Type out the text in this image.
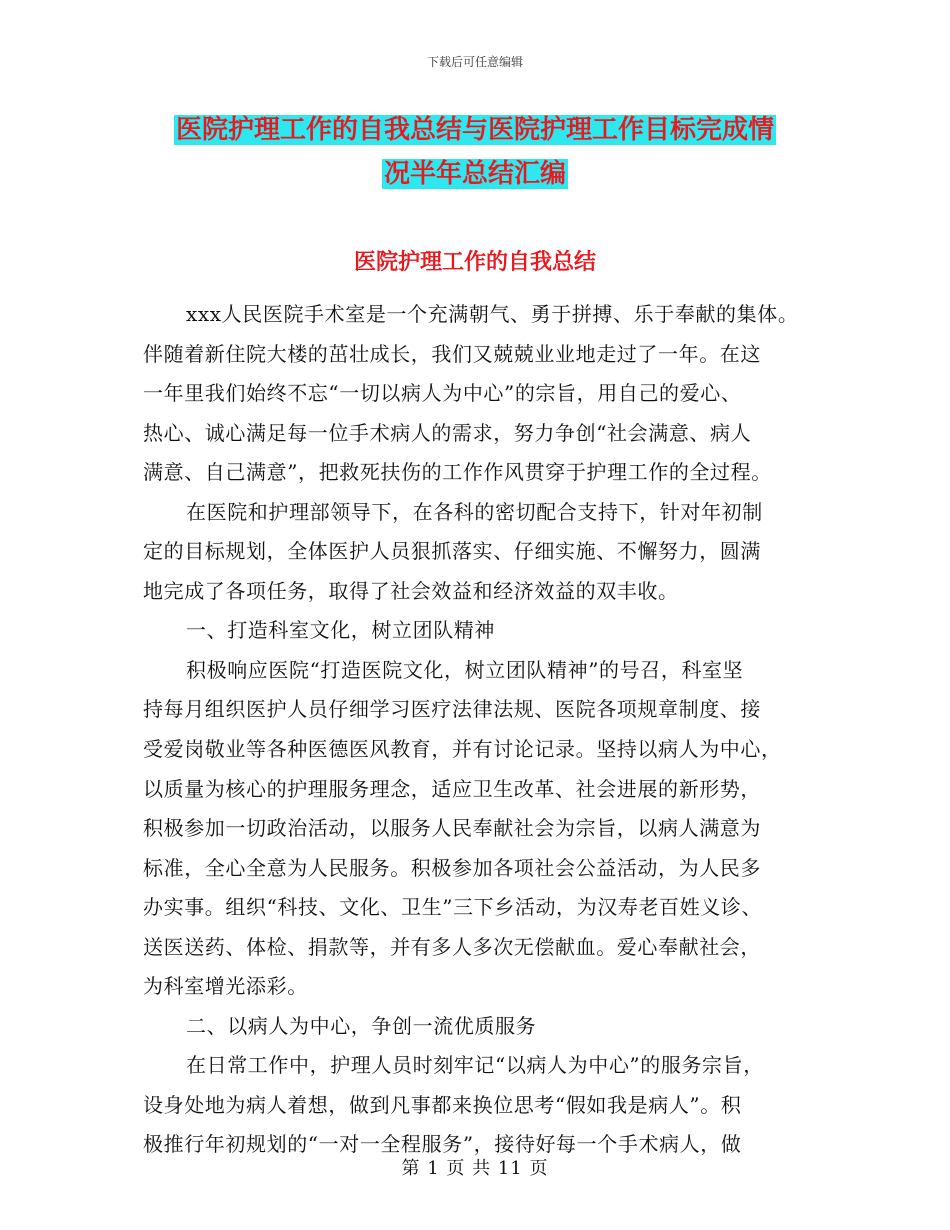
下载后可任意编辑
医院护理工作的自我总结与医院护理工作目标完成情
况半年总结汇编
医院护理工作的自我总结
xxx人民医院手术室是一个充满朝气、勇于拼搏、乐于奉献的集体。
伴随着新住院大楼的茁壮成长，我们又兢兢业业地走过了一年。在这
一年里我们始终不忘“一切以病人为中心”的宗旨，用自己的爱心、
热心、诚心满足每一位手术病人的需求，努力争创“社会满意、病人
满意、自己满意”，把救死扶伤的工作作风贯穿于护理工作的全过程。
在医院和护理部领导下，在各科的密切配合支持下，针对年初制
定的目标规划，全体医护人员狠抓落实、仔细实施、不懈努力，圆满
地完成了各项任务，取得了社会效益和经济效益的双丰收。
一、打造科室文化，树立团队精神
积极响应医院“打造医院文化，树立团队精神”的号召，科室坚
持每月组织医护人员仔细学习医疗法律法规、医院各项规章制度、接
受爱岗敬业等各种医德医风教育，并有讨论记录。坚持以病人为中心，
以质量为核心的护理服务理念，适应卫生改革、社会进展的新形势，
积极参加一切政治活动，以服务人民奉献社会为宗旨，以病人满意为
标准，全心全意为人民服务。积极参加各项社会公益活动，为人民多
办实事。组织“科技、文化、卫生”三下乡活动，为汉寿老百姓义诊、
送医送药、体检、捐款等，并有多人多次无偿献血。爱心奉献社会，
为科室增光添彩。
二、以病人为中心，争创一流优质服务
在日常工作中，护理人员时刻牢记“以病人为中心”的服务宗旨，
设身处地为病人着想，做到凡事都来换位思考“假如我是病人”。积
极推行年初规划的“一对一全程服务”，接待好每一个手术病人，做
第 1 页 共 11 页
